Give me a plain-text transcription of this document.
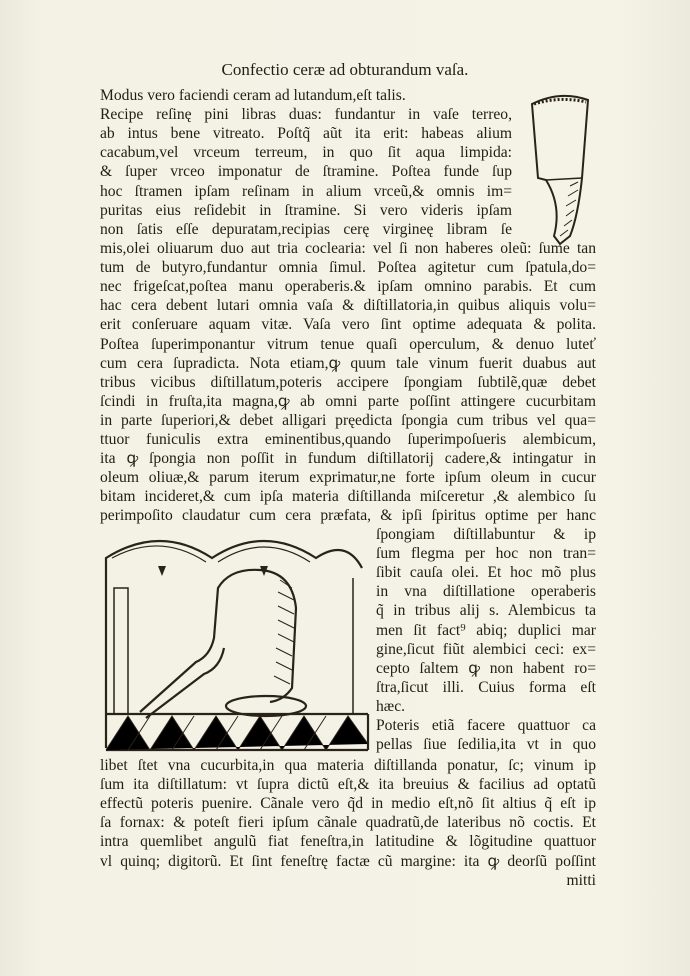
Confectio ceræ ad obturandum vaſa.
Modus vero faciendi ceram ad lutandum,eſt talis.
Recipe reſinę pini libras duas: fundantur in vaſe terreo,
ab intus bene vitreato. Poſtq̃ aũt ita erit: habeas alium
cacabum,vel vrceum terreum, in quo ſit aqua limpida:
& ſuper vrceo imponatur de ſtramine. Poſtea funde ſup
hoc ſtramen ipſam reſinam in alium vrceũ,& omnis im=
puritas eius reſidebit in ſtramine. Si vero videris ipſam
non ſatis eſſe depuratam,recipias cerę virgineę libram ſe
mis,olei oliuarum duo aut tria coclearia: vel ſi non haberes oleũ: ſume tan
tum de butyro,fundantur omnia ſimul. Poſtea agitetur cum ſpatula,do=
nec frigeſcat,poſtea manu operaberis.& ipſam omnino parabis. Et cum
hac cera debent lutari omnia vaſa & diſtillatoria,in quibus aliquis volu=
erit conſeruare aquam vitæ. Vaſa vero ſint optime adequata & polita.
Poſtea ſuperimponantur vitrum tenue quaſi operculum, & denuo luteť
cum cera ſupradicta. Nota etiam,ꝙ quum tale vinum fuerit duabus aut
tribus vicibus diſtillatum,poteris accipere ſpongiam ſubtilẽ,quæ debet
ſcindi in fruſta,ita magna,ꝙ ab omni parte poſſint attingere cucurbitam
in parte ſuperiori,& debet alligari pręedicta ſpongia cum tribus vel qua=
ttuor funiculis extra eminentibus,quando ſuperimpoſueris alembicum,
ita ꝙ ſpongia non poſſit in fundum diſtillatorij cadere,& intingatur in
oleum oliuæ,& parum iterum exprimatur,ne forte ipſum oleum in cucur
bitam incideret,& cum ipſa materia diſtillanda miſceretur ,& alembico ſu
perimpoſito claudatur cum cera præfata, & ipſi ſpiritus optime per hanc
ſpongiam diſtillabuntur & ip
ſum flegma per hoc non tran=
ſibit cauſa olei. Et hoc mõ plus
in vna diſtillatione operaberis
q̃ in tribus alij s. Alembicus ta
men ſit fact⁹ abiq; duplici mar
gine,ſicut fiũt alembici ceci: ex=
cepto ſaltem ꝙ non habent ro=
ſtra,ſicut illi. Cuius forma eſt
hæc.
Poteris etiã facere quattuor ca
pellas ſiue ſedilia,ita vt in quo
libet ſtet vna cucurbita,in qua materia diſtillanda ponatur, ſc; vinum ip
ſum ita diſtillatum: vt ſupra dictũ eſt,& ita breuius & facilius ad optatũ
effectũ poteris puenire. Cãnale vero q̃d in medio eſt,nõ ſit altius q̃ eſt ip
ſa fornax: & poteſt fieri ipſum cãnale quadratũ,de lateribus nõ coctis. Et
intra quemlibet angulũ fiat feneſtra,in latitudine & lõgitudine quattuor
vl quinq; digitorũ. Et ſint feneſtrę factæ cũ margine: ita ꝙ deorſũ poſſint
mitti
